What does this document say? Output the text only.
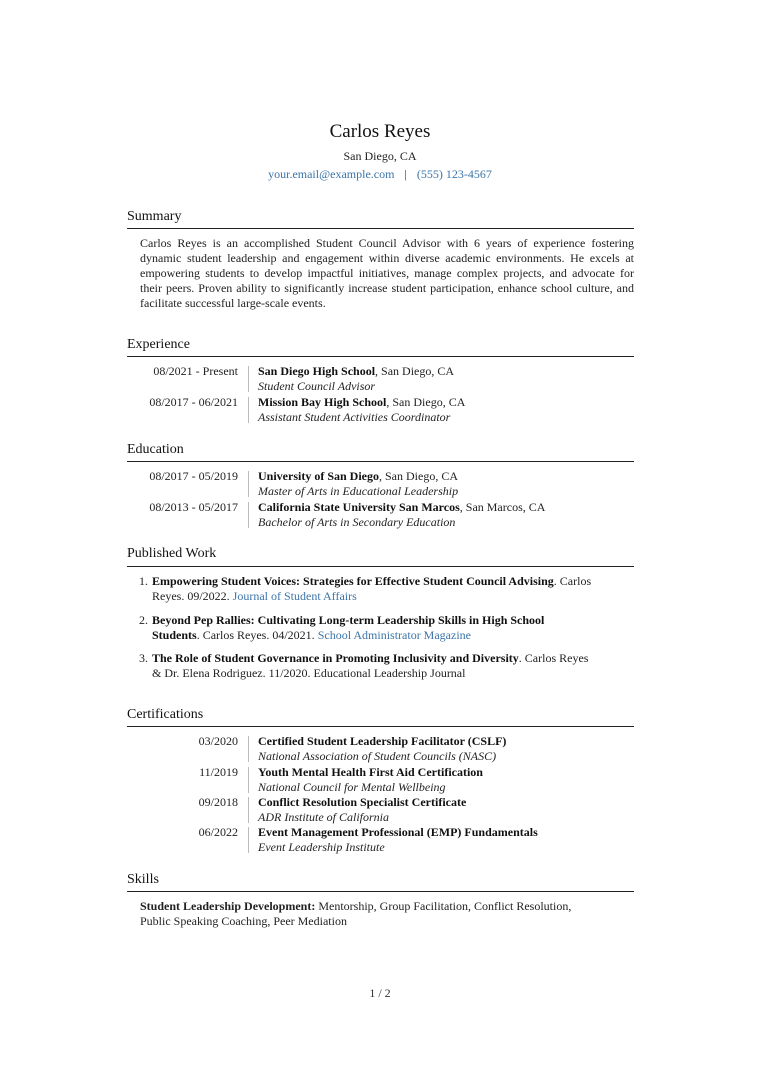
Carlos Reyes
San Diego, CA
your.email@example.com | (555) 123-4567
Summary
Carlos Reyes is an accomplished Student Council Advisor with 6 years of experience fostering dynamic student leadership and engagement within diverse academic environments. He excels at empowering students to develop impactful initiatives, manage complex projects, and advocate for their peers. Proven ability to significantly increase student participation, enhance school culture, and facilitate successful large-scale events.
Experience
08/2021 - Present San Diego High School, San Diego, CA
Student Council Advisor
08/2017 - 06/2021 Mission Bay High School, San Diego, CA
Assistant Student Activities Coordinator
Education
08/2017 - 05/2019 University of San Diego, San Diego, CA
Master of Arts in Educational Leadership
08/2013 - 05/2017 California State University San Marcos, San Marcos, CA
Bachelor of Arts in Secondary Education
Published Work
1. Empowering Student Voices: Strategies for Effective Student Council Advising. Carlos
Reyes. 09/2022. Journal of Student Affairs
2. Beyond Pep Rallies: Cultivating Long-term Leadership Skills in High School
Students. Carlos Reyes. 04/2021. School Administrator Magazine
3. The Role of Student Governance in Promoting Inclusivity and Diversity. Carlos Reyes
& Dr. Elena Rodriguez. 11/2020. Educational Leadership Journal
Certifications
03/2020 Certified Student Leadership Facilitator (CSLF)
National Association of Student Councils (NASC)
11/2019 Youth Mental Health First Aid Certification
National Council for Mental Wellbeing
09/2018 Conflict Resolution Specialist Certificate
ADR Institute of California
06/2022 Event Management Professional (EMP) Fundamentals
Event Leadership Institute
Skills
Student Leadership Development: Mentorship, Group Facilitation, Conflict Resolution,
Public Speaking Coaching, Peer Mediation
1 / 2
